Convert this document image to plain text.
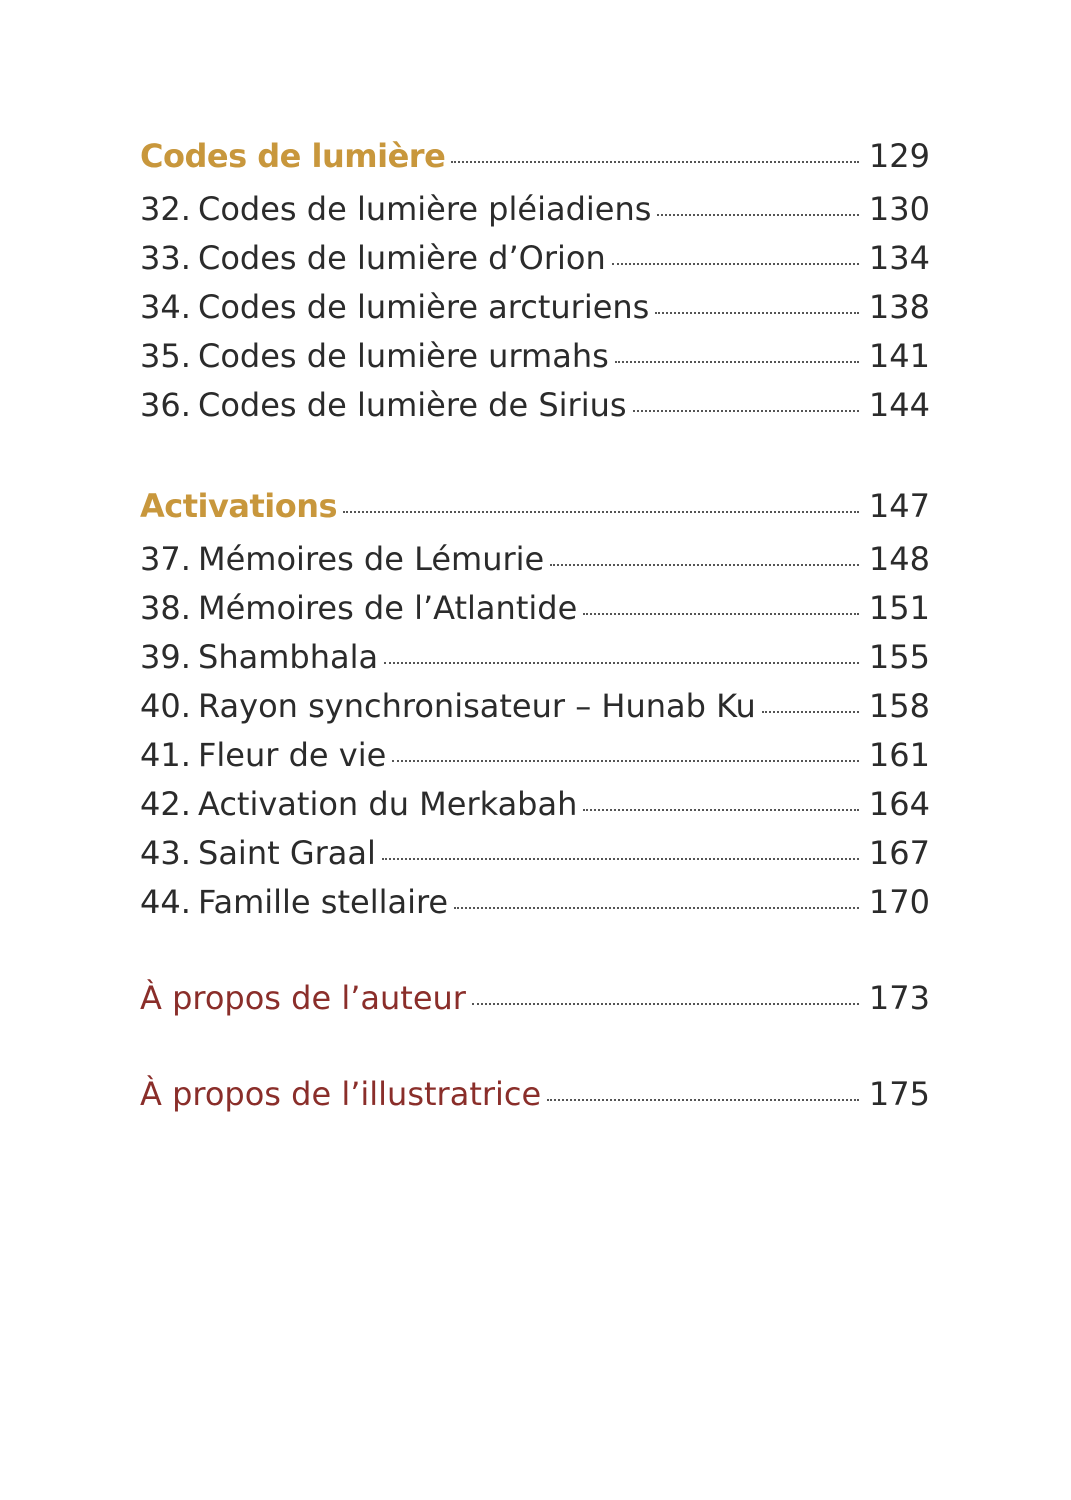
Codes de lumière	129
32. Codes de lumière pléiadiens	130
33. Codes de lumière d’Orion	134
34. Codes de lumière arcturiens	138
35. Codes de lumière urmahs	141
36. Codes de lumière de Sirius	144
Activations	147
37. Mémoires de Lémurie	148
38. Mémoires de l’Atlantide	151
39. Shambhala	155
40. Rayon synchronisateur – Hunab Ku	158
41. Fleur de vie	161
42. Activation du Merkabah	164
43. Saint Graal	167
44. Famille stellaire	170
À propos de l’auteur	173
À propos de l’illustratrice	175
